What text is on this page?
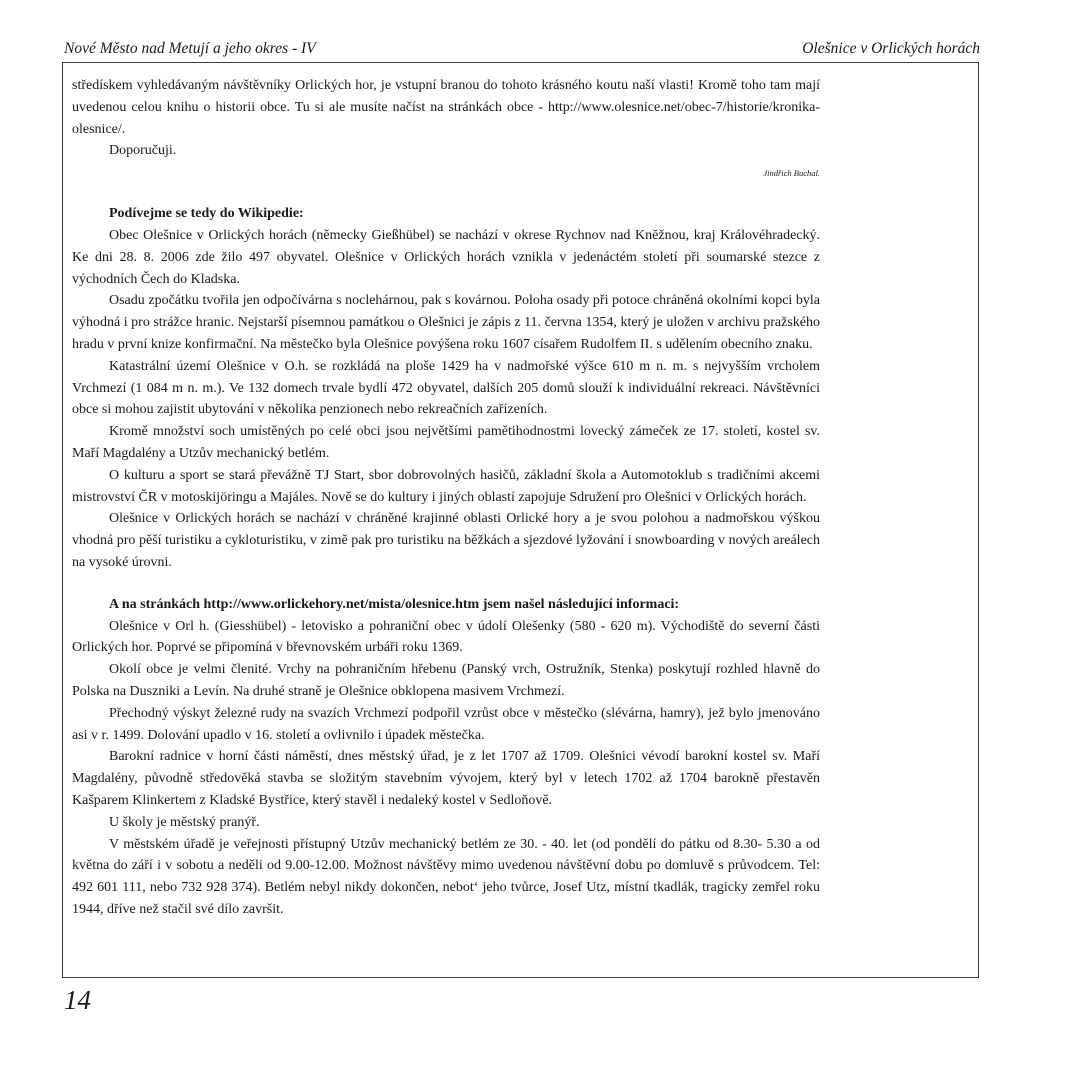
Nové Město nad Metují a jeho okres - IV	Olešnice v Orlických horách

středískem vyhledávaným návštěvníky Orlických hor, je vstupní branou do tohoto krásného koutu naší vlasti! Kromě toho tam mají uvedenou celou knihu o historii obce. Tu si ale musíte načíst na stránkách obce - http://www.olesnice.net/obec-7/historie/kronika-olesnice/.

Doporučuji.

Jindřich Buchal.

Podívejme se tedy do Wikipedie:

Obec Olešnice v Orlických horách (německy Gießhübel) se nachází v okrese Rychnov nad Kněžnou, kraj Královéhradecký. Ke dni 28. 8. 2006 zde žilo 497 obyvatel. Olešnice v Orlických horách vznikla v jedenáctém století při soumarské stezce z východních Čech do Kladska.

Osadu zpočátku tvořila jen odpočívárna s noclehárnou, pak s kovárnou. Poloha osady při potoce chráněná okolními kopci byla výhodná i pro strážce hranic. Nejstarší písemnou památkou o Olešnici je zápis z 11. června 1354, který je uložen v archivu pražského hradu v první knize konfirmační. Na městečko byla Olešnice povýšena roku 1607 císařem Rudolfem II. s udělením obecního znaku.

Katastrální území Olešnice v O.h. se rozkládá na ploše 1429 ha v nadmořské výšce 610 m n. m. s nejvyšším vrcholem Vrchmezí (1 084 m n. m.). Ve 132 domech trvale bydlí 472 obyvatel, dalších 205 domů slouží k individuální rekreaci. Návštěvníci obce si mohou zajistit ubytování v několika penzionech nebo rekreačních zařízeních.

Kromě množství soch umístěných po celé obci jsou největšími pamětihodnostmi lovecký zámeček ze 17. století, kostel sv. Maří Magdalény a Utzův mechanický betlém.

O kulturu a sport se stará převážně TJ Start, sbor dobrovolných hasičů, základní škola a Automotoklub s tradičními akcemi mistrovství ČR v motoskijöringu a Majáles. Nově se do kultury i jiných oblastí zapojuje Sdružení pro Olešnici v Orlických horách.

Olešnice v Orlických horách se nachází v chráněné krajinné oblasti Orlické hory a je svou polohou a nadmořskou výškou vhodná pro pěší turistiku a cykloturistiku, v zimě pak pro turistiku na běžkách a sjezdové lyžování i snowboarding v nových areálech na vysoké úrovni.

A na stránkách http://www.orlickehory.net/mista/olesnice.htm jsem našel následující informaci:

Olešnice v Orl h. (Giesshübel) - letovisko a pohraniční obec v údolí Olešenky (580 - 620 m). Východiště do severní části Orlických hor. Poprvé se připomíná v břevnovském urbáři roku 1369.

Okolí obce je velmi členité. Vrchy na pohraničním hřebenu (Panský vrch, Ostružník, Stenka) poskytují rozhled hlavně do Polska na Duszniki a Levín. Na druhé straně je Olešnice obklopena masivem Vrchmezí.

Přechodný výskyt železné rudy na svazích Vrchmezí podpořil vzrůst obce v městečko (slévárna, hamry), jež bylo jmenováno asi v r. 1499. Dolování upadlo v 16. století a ovlivnilo i úpadek městečka.

Barokní radnice v horní části náměstí, dnes městský úřad, je z let 1707 až 1709. Olešnici vévodí barokní kostel sv. Maří Magdalény, původně středověká stavba se složitým stavebním vývojem, který byl v letech 1702 až 1704 barokně přestavěn Kašparem Klinkertem z Kladské Bystřice, který stavěl i nedaleký kostel v Sedloňově.

U školy je městský pranýř.

V městském úřadě je veřejnosti přístupný Utzův mechanický betlém ze 30. - 40. let (od pondělí do pátku od 8.30- 5.30 a od května do září i v sobotu a neděli od 9.00-12.00. Možnost návštěvy mimo uvedenou návštěvní dobu po domluvě s průvodcem. Tel: 492 601 111, nebo 732 928 374). Betlém nebyl nikdy dokončen, nebot‘ jeho tvůrce, Josef Utz, místní tkadlák, tragicky zemřel roku 1944, dříve než stačil své dílo završit.

14
